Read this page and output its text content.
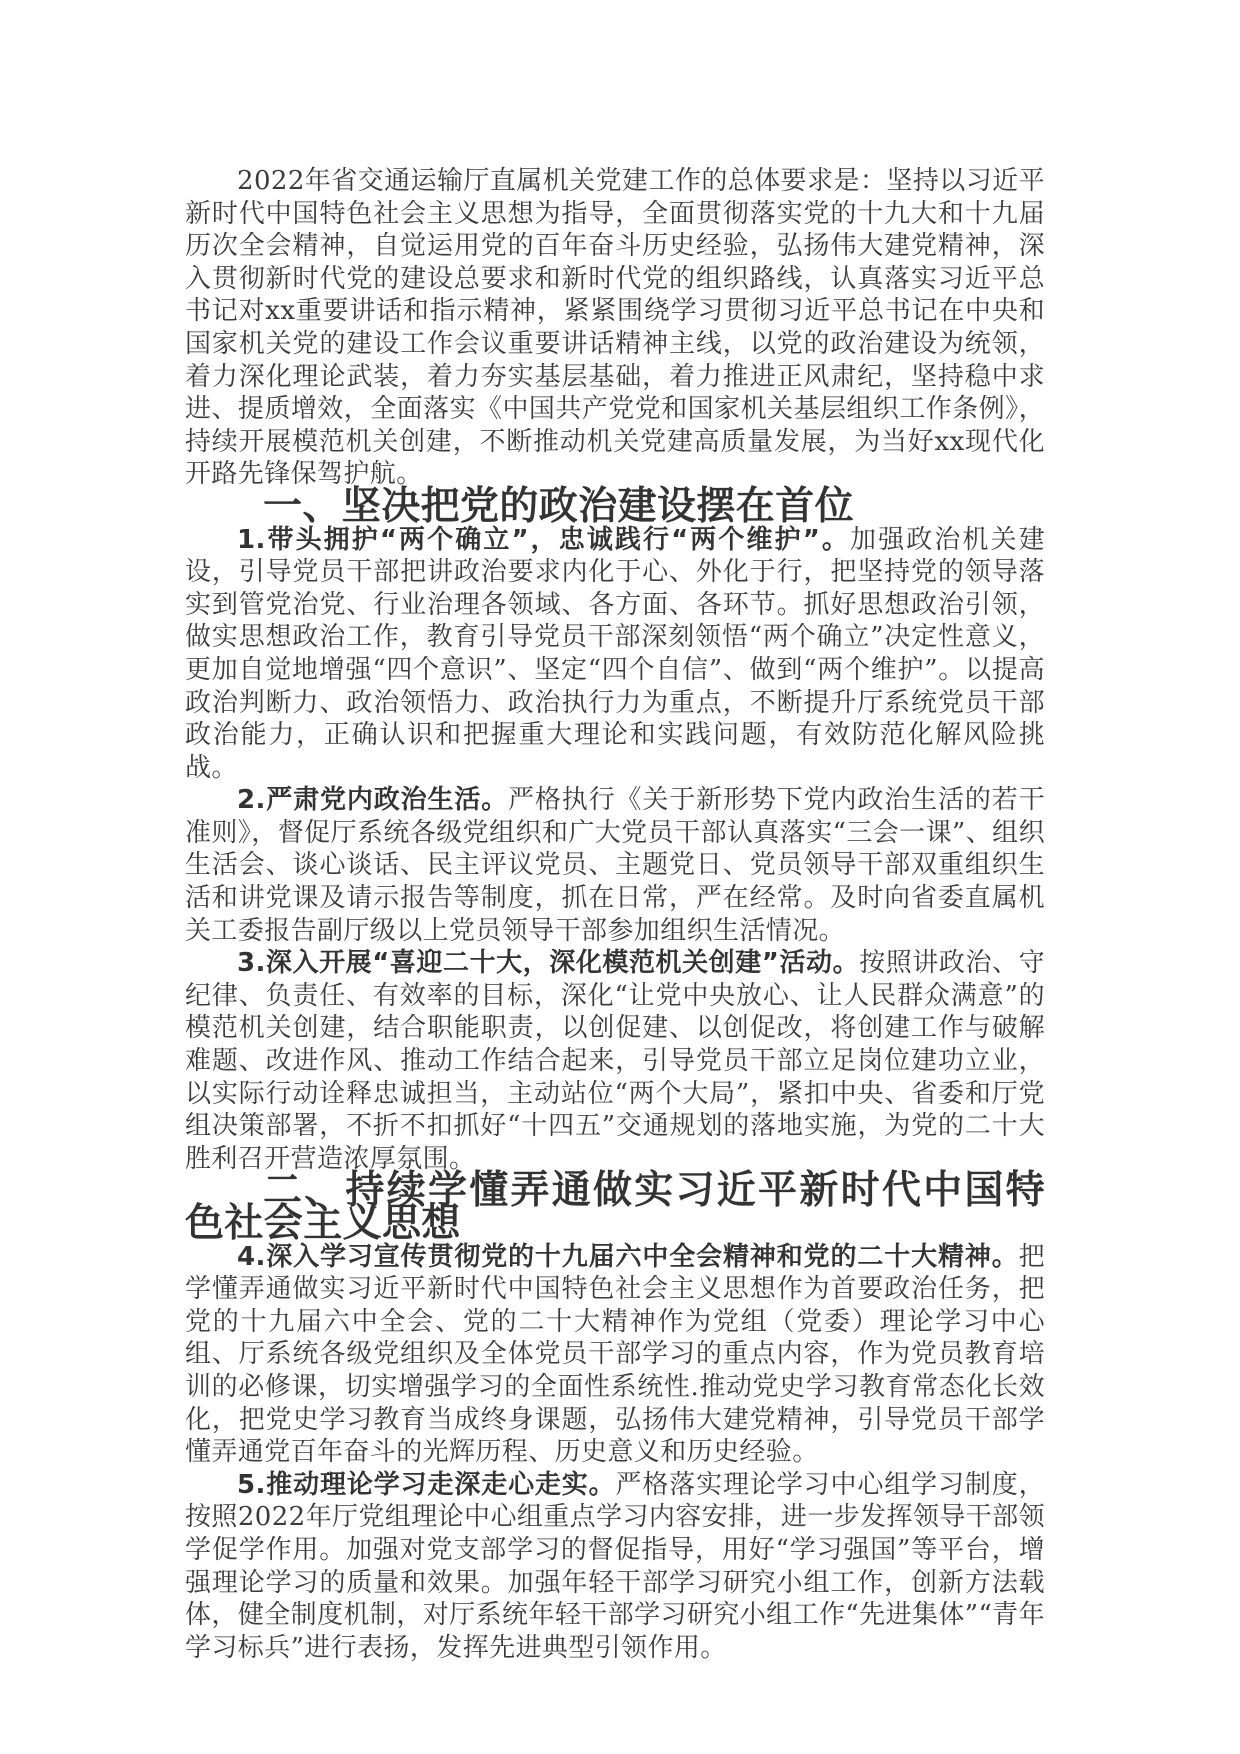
2022年省交通运输厅直属机关党建工作的总体要求是：坚持以习近平新时代中国特色社会主义思想为指导，全面贯彻落实党的十九大和十九届历次全会精神，自觉运用党的百年奋斗历史经验，弘扬伟大建党精神，深入贯彻新时代党的建设总要求和新时代党的组织路线，认真落实习近平总书记对xx重要讲话和指示精神，紧紧围绕学习贯彻习近平总书记在中央和国家机关党的建设工作会议重要讲话精神主线，以党的政治建设为统领，着力深化理论武装，着力夯实基层基础，着力推进正风肃纪，坚持稳中求进、提质增效，全面落实《中国共产党党和国家机关基层组织工作条例》，持续开展模范机关创建，不断推动机关党建高质量发展，为当好xx现代化开路先锋保驾护航。

一、坚决把党的政治建设摆在首位

1.带头拥护“两个确立”，忠诚践行“两个维护”。加强政治机关建设，引导党员干部把讲政治要求内化于心、外化于行，把坚持党的领导落实到管党治党、行业治理各领域、各方面、各环节。抓好思想政治引领，做实思想政治工作，教育引导党员干部深刻领悟“两个确立”决定性意义，更加自觉地增强“四个意识”、坚定“四个自信”、做到“两个维护”。以提高政治判断力、政治领悟力、政治执行力为重点，不断提升厅系统党员干部政治能力，正确认识和把握重大理论和实践问题，有效防范化解风险挑战。

2.严肃党内政治生活。严格执行《关于新形势下党内政治生活的若干准则》，督促厅系统各级党组织和广大党员干部认真落实“三会一课”、组织生活会、谈心谈话、民主评议党员、主题党日、党员领导干部双重组织生活和讲党课及请示报告等制度，抓在日常，严在经常。及时向省委直属机关工委报告副厅级以上党员领导干部参加组织生活情况。

3.深入开展“喜迎二十大，深化模范机关创建”活动。按照讲政治、守纪律、负责任、有效率的目标，深化“让党中央放心、让人民群众满意”的模范机关创建，结合职能职责，以创促建、以创促改，将创建工作与破解难题、改进作风、推动工作结合起来，引导党员干部立足岗位建功立业，以实际行动诠释忠诚担当，主动站位“两个大局”，紧扣中央、省委和厅党组决策部署，不折不扣抓好“十四五”交通规划的落地实施，为党的二十大胜利召开营造浓厚氛围。

二、持续学懂弄通做实习近平新时代中国特色社会主义思想

4.深入学习宣传贯彻党的十九届六中全会精神和党的二十大精神。把学懂弄通做实习近平新时代中国特色社会主义思想作为首要政治任务，把党的十九届六中全会、党的二十大精神作为党组（党委）理论学习中心组、厅系统各级党组织及全体党员干部学习的重点内容，作为党员教育培训的必修课，切实增强学习的全面性系统性.推动党史学习教育常态化长效化，把党史学习教育当成终身课题，弘扬伟大建党精神，引导党员干部学懂弄通党百年奋斗的光辉历程、历史意义和历史经验。

5.推动理论学习走深走心走实。严格落实理论学习中心组学习制度，按照2022年厅党组理论中心组重点学习内容安排，进一步发挥领导干部领学促学作用。加强对党支部学习的督促指导，用好“学习强国”等平台，增强理论学习的质量和效果。加强年轻干部学习研究小组工作，创新方法载体，健全制度机制，对厅系统年轻干部学习研究小组工作“先进集体”“青年学习标兵”进行表扬，发挥先进典型引领作用。
